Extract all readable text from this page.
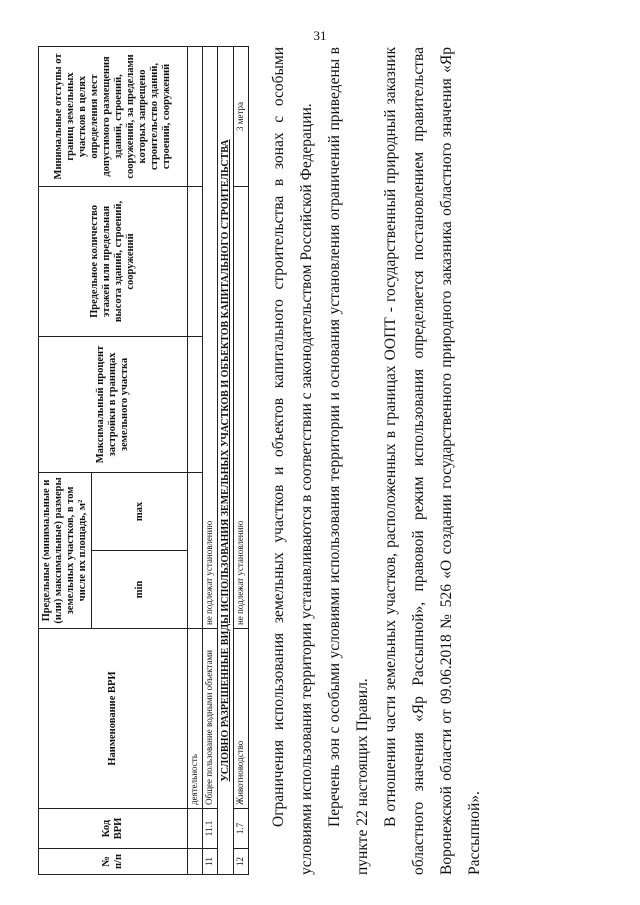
31
№ п/п	Код ВРИ	Наименование ВРИ	Предельные (минимальные и (или) максимальные) размеры земельных участков, в том числе их площадь, м²		Максимальный процент застройки в границах земельного участка	Предельное количество этажей или предельная высота зданий, строений, сооружений	Минимальные отступы от границ земельных участков в целях определения мест допустимого размещения зданий, строений, сооружений, за пределами которых запрещено строительство зданий, строений, сооружений
			min	max			
		деятельность					
11	11.1	Общее пользование водными объектами	не подлежат установлению				
УСЛОВНО РАЗРЕШЕННЫЕ ВИДЫ ИСПОЛЬЗОВАНИЯ ЗЕМЕЛЬНЫХ УЧАСТКОВ И ОБЪЕКТОВ КАПИТАЛЬНОГО СТРОИТЕЛЬСТВА							
12	1.7	Животноводство	не подлежат установлению				3 метра	Ограничения использования земельных участков и объектов капитального строительства в зонах с особыми условиями использования территории устанавливаются в соответствии с законодательством Российской Федерации. Перечень зон с особыми условиями использования территории и основания установления ограничений приведены в пункте 22 настоящих Правил. В отношении части земельных участков, расположенных в границах ООПТ - государственный природный заказник областного значения «Яр Рассыпной», правовой режим использования определяется постановлением правительства Воронежской области от 09.06.2018 № 526 «О создании государственного природного заказника областного значения «Яр Рассыпной».
